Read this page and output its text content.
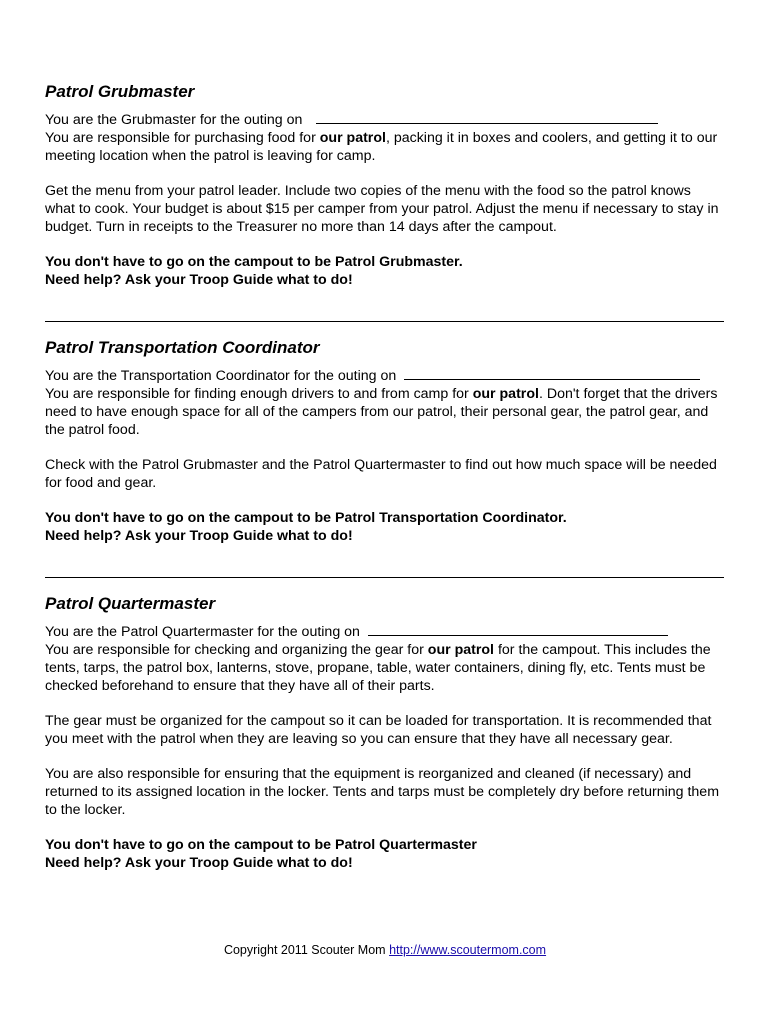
Patrol Grubmaster

You are the Grubmaster for the outing on

You are responsible for purchasing food for our patrol, packing it in boxes and coolers, and getting it to our meeting location when the patrol is leaving for camp.

Get the menu from your patrol leader. Include two copies of the menu with the food so the patrol knows what to cook. Your budget is about $15 per camper from your patrol. Adjust the menu if necessary to stay in budget. Turn in receipts to the Treasurer no more than 14 days after the campout.

You don't have to go on the campout to be Patrol Grubmaster.

Need help? Ask your Troop Guide what to do!

Patrol Transportation Coordinator

You are the Transportation Coordinator for the outing on

You are responsible for finding enough drivers to and from camp for our patrol. Don't forget that the drivers need to have enough space for all of the campers from our patrol, their personal gear, the patrol gear, and the patrol food.

Check with the Patrol Grubmaster and the Patrol Quartermaster to find out how much space will be needed for food and gear.

You don't have to go on the campout to be Patrol Transportation Coordinator.

Need help? Ask your Troop Guide what to do!

Patrol Quartermaster

You are the Patrol Quartermaster for the outing on

You are responsible for checking and organizing the gear for our patrol for the campout. This includes the tents, tarps, the patrol box, lanterns, stove, propane, table, water containers, dining fly, etc. Tents must be checked beforehand to ensure that they have all of their parts.

The gear must be organized for the campout so it can be loaded for transportation. It is recommended that you meet with the patrol when they are leaving so you can ensure that they have all necessary gear.

You are also responsible for ensuring that the equipment is reorganized and cleaned (if necessary) and returned to its assigned location in the locker. Tents and tarps must be completely dry before returning them to the locker.

You don't have to go on the campout to be Patrol Quartermaster

Need help? Ask your Troop Guide what to do!

Copyright 2011 Scouter Mom http://www.scoutermom.com
